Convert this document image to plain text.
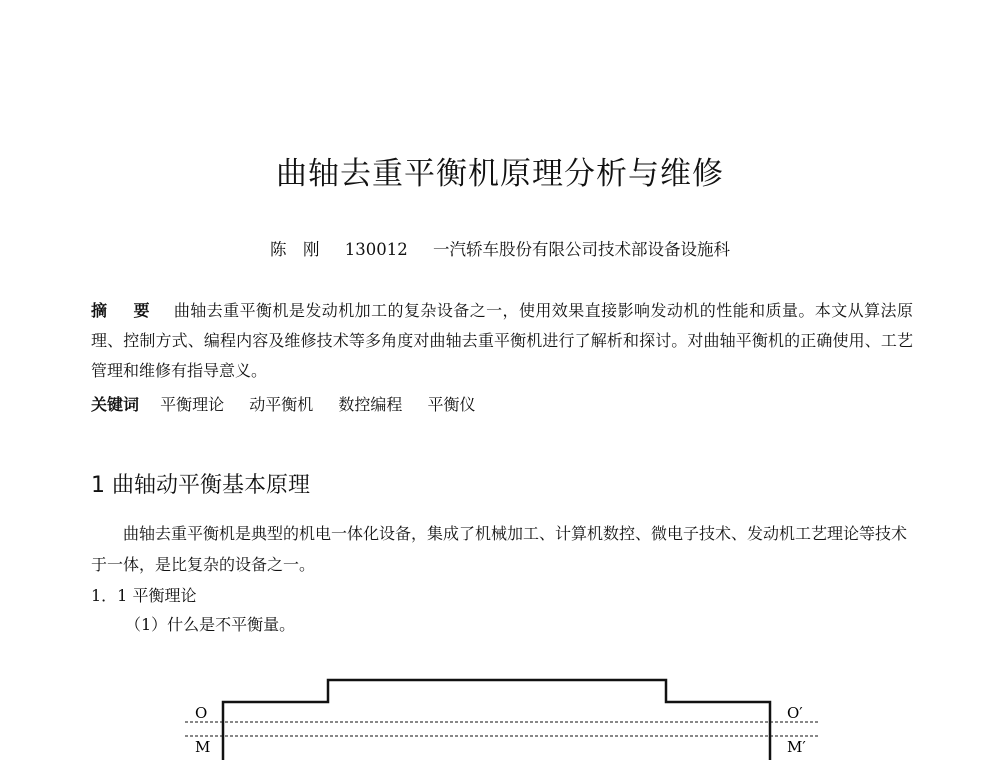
曲轴去重平衡机原理分析与维修
陈　刚 130012 一汽轿车股份有限公司技术部设备设施科
摘 要 曲轴去重平衡机是发动机加工的复杂设备之一，使用效果直接影响发动机的性能和质量。本文从算法原理、控制方式、编程内容及维修技术等多角度对曲轴去重平衡机进行了解析和探讨。对曲轴平衡机的正确使用、工艺管理和维修有指导意义。
关键词 平衡理论 动平衡机 数控编程 平衡仪
1 曲轴动平衡基本原理
曲轴去重平衡机是典型的机电一体化设备，集成了机械加工、计算机数控、微电子技术、发动机工艺理论等技术于一体，是比复杂的设备之一。
1．1 平衡理论
（1）什么是不平衡量。
O
M
O′
M′
